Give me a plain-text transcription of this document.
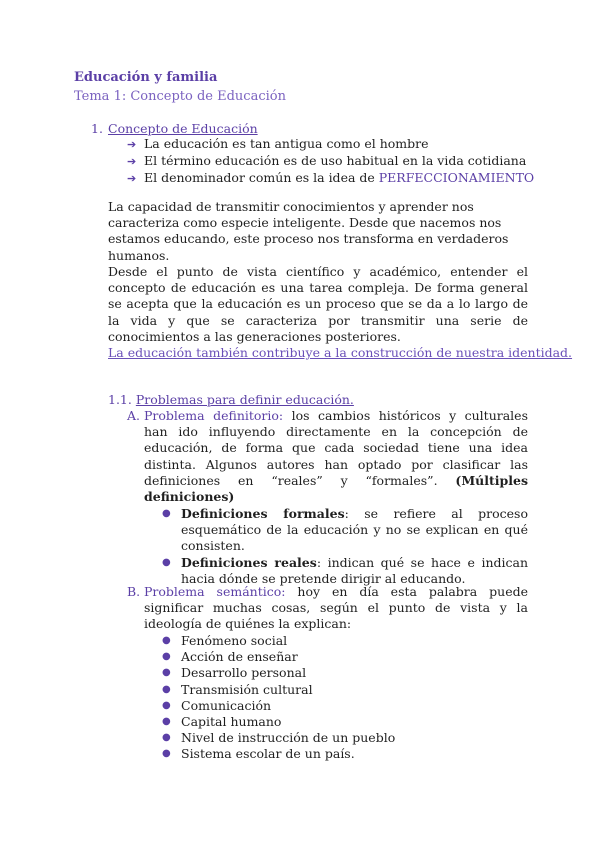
Educación y familia
Tema 1: Concepto de Educación
1. Concepto de Educación
➔ La educación es tan antigua como el hombre
➔ El término educación es de uso habitual en la vida cotidiana
➔ El denominador común es la idea de PERFECCIONAMIENTO
La capacidad de transmitir conocimientos y aprender nos caracteriza como especie inteligente. Desde que nacemos nos estamos educando, este proceso nos transforma en verdaderos humanos.
Desde el punto de vista científico y académico, entender el concepto de educación es una tarea compleja. De forma general se acepta que la educación es un proceso que se da a lo largo de la vida y que se caracteriza por transmitir una serie de conocimientos a las generaciones posteriores.
La educación también contribuye a la construcción de nuestra identidad.
1.1. Problemas para definir educación.
A. Problema definitorio: los cambios históricos y culturales han ido influyendo directamente en la concepción de educación, de forma que cada sociedad tiene una idea distinta. Algunos autores han optado por clasificar las definiciones en “reales” y “formales”. (Múltiples definiciones)
● Definiciones formales: se refiere al proceso esquemático de la educación y no se explican en qué consisten.
● Definiciones reales: indican qué se hace e indican hacia dónde se pretende dirigir al educando.
B. Problema semántico: hoy en día esta palabra puede significar muchas cosas, según el punto de vista y la ideología de quiénes la explican:
● Fenómeno social
● Acción de enseñar
● Desarrollo personal
● Transmisión cultural
● Comunicación
● Capital humano
● Nivel de instrucción de un pueblo
● Sistema escolar de un país.
